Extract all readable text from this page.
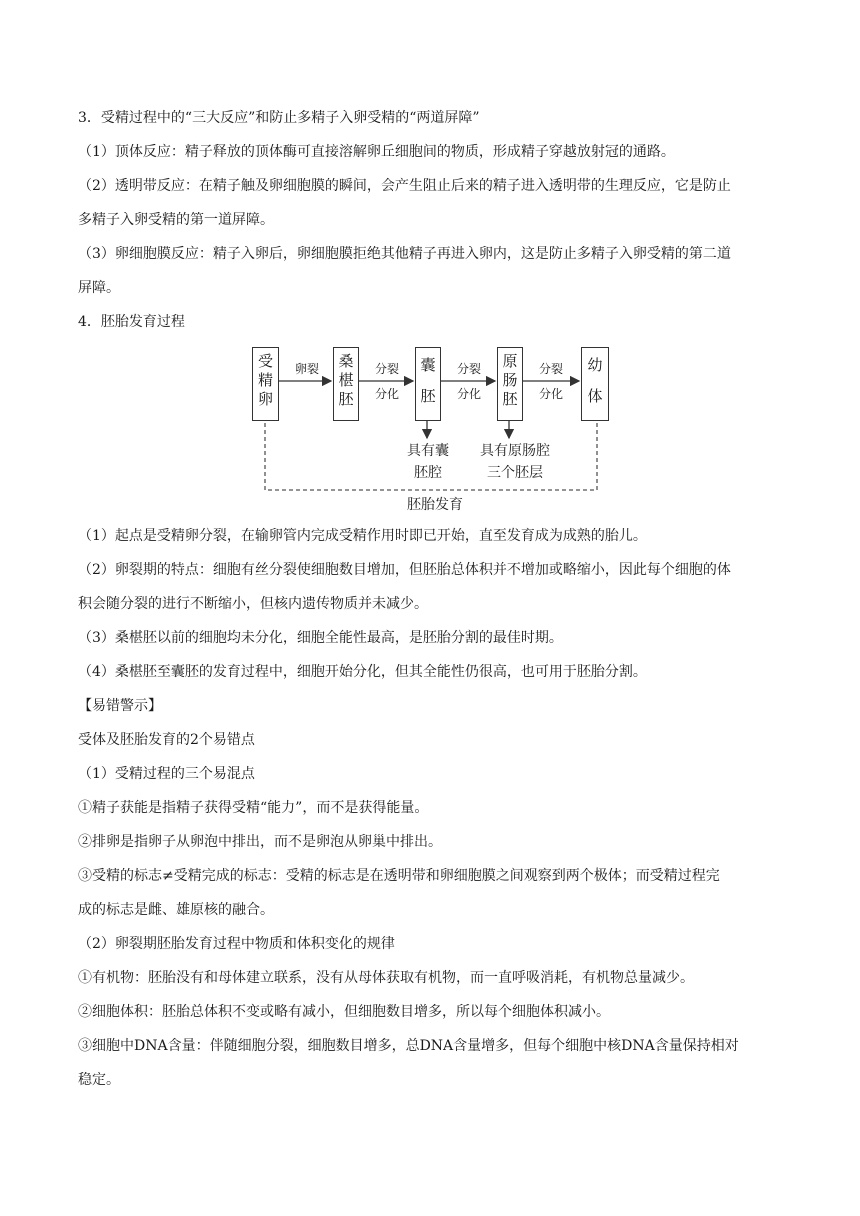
3．受精过程中的“三大反应”和防止多精子入卵受精的“两道屏障”
（1）顶体反应：精子释放的顶体酶可直接溶解卵丘细胞间的物质，形成精子穿越放射冠的通路。
（2）透明带反应：在精子触及卵细胞膜的瞬间，会产生阻止后来的精子进入透明带的生理反应，它是防止
多精子入卵受精的第一道屏障。
（3）卵细胞膜反应：精子入卵后，卵细胞膜拒绝其他精子再进入卵内，这是防止多精子入卵受精的第二道
屏障。
4．胚胎发育过程
受
精
卵
桑
椹
胚
囊
胚
原
肠
胚
幼
体
卵裂	分裂
分化
分裂
分化
分裂
分化
具有囊
胚腔
具有原肠腔
三个胚层
胚胎发育
（1）起点是受精卵分裂，在输卵管内完成受精作用时即已开始，直至发育成为成熟的胎儿。
（2）卵裂期的特点：细胞有丝分裂使细胞数目增加，但胚胎总体积并不增加或略缩小，因此每个细胞的体
积会随分裂的进行不断缩小，但核内遗传物质并未减少。
（3）桑椹胚以前的细胞均未分化，细胞全能性最高，是胚胎分割的最佳时期。
（4）桑椹胚至囊胚的发育过程中，细胞开始分化，但其全能性仍很高，也可用于胚胎分割。
【易错警示】
受体及胚胎发育的2个易错点
（1）受精过程的三个易混点
①精子获能是指精子获得受精“能力”，而不是获得能量。
②排卵是指卵子从卵泡中排出，而不是卵泡从卵巢中排出。
③受精的标志≠受精完成的标志：受精的标志是在透明带和卵细胞膜之间观察到两个极体；而受精过程完
成的标志是雌、雄原核的融合。
（2）卵裂期胚胎发育过程中物质和体积变化的规律
①有机物：胚胎没有和母体建立联系，没有从母体获取有机物，而一直呼吸消耗，有机物总量减少。
②细胞体积：胚胎总体积不变或略有减小，但细胞数目增多，所以每个细胞体积减小。
③细胞中DNA含量：伴随细胞分裂，细胞数目增多，总DNA含量增多，但每个细胞中核DNA含量保持相对
稳定。
